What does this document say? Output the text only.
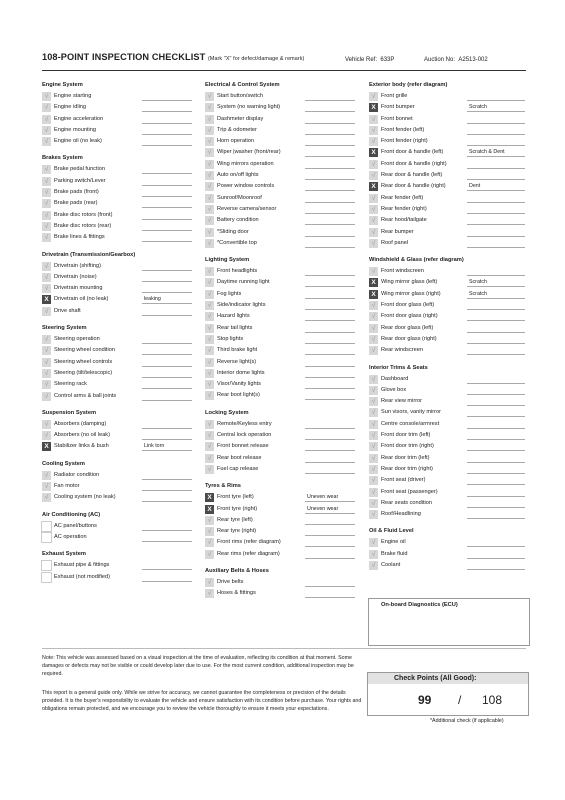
108-POINT INSPECTION CHECKLIST (Mark "X" for defect/damage & remark)	Vehicle Ref: 633P	Auction No: A2513-002
Engine System
√	Engine starting
√	Engine idling
√	Engine acceleration
√	Engine mounting
√	Engine oil (no leak)
Brakes System
√	Brake pedal function
√	Parking switch/Lever
√	Brake pads (front)
√	Brake pads (rear)
√	Brake disc rotors (front)
√	Brake disc rotors (rear)
√	Brake lines & fittings
Drivetrain (Transmission/Gearbox)
√	Drivetrain (shifting)
√	Drivetrain (noise)
√	Drivetrain mounting
X Drivetrain oil (no leak)	leaking
√	Drive shaft
Steering System
√	Steering operation
√	Steering wheel condition
√	Steering wheel controls
√	Steering (tilt/telescopic)
√	Steering rack
√	Control arms & ball joints
Suspension System
√	Absorbers (damping)
√	Absorbers (no oil leak)
X Stabilizer links & bush	Link torn
Cooling System
√	Radiator condition
√	Fan motor
√	Cooling system (no leak)
Air Conditioning (AC)
AC panel/buttons
AC operation
Exhaust System
Exhaust pipe & fittings
Exhaust (not modified)
Electrical & Control System
√	Start button/switch
√	System (no warning light)
√	Dashmeter display
√	Trip & odometer
√	Horn operation
√	Wiper |washer (front/rear)
√	Wing mirrors operation
√	Auto on/off lights
√	Power window controls
√	Sunroof/Moonroof
√	Reverse camera/sensor
√	Battery condition
√	*Sliding door
√	*Convertible top
Lighting System
√	Front headlights
√	Daytime running light
√	Fog lights
√	Side/indicator lights
√	Hazard lights
√	Rear tail lights
√	Stop lights
√	Third brake light
√	Reverse light(s)
√	Interior dome lights
√	Visor/Vanity lights
√	Rear boot light(s)
Locking System
√	Remote/Keyless entry
√	Central lock operation
√	Front bonnet release
√	Rear boot release
√	Fuel cap release
Tyres & Rims
X Front tyre (left)	Uneven wear
X Front tyre (right)	Uneven wear
√	Rear tyre (left)
√	Rear tyre (right)
√	Front rims (refer diagram)
√	Rear rims (refer diagram)
Auxiliary Belts & Hoses
√	Drive belts
√	Hoses & fittings
Exterior body (refer diagram)
√	Front grille
X Front bumper	Scratch
√	Front bonnet
√	Front fender (left)
√	Front fender (right)
X Front door & handle (left)	Scratch & Dent
√	Front door & handle (right)
√	Rear door & handle (left)
X Rear door & handle (right)	Dent
√	Rear fender (left)
√	Rear fender (right)
√	Rear hood/tailgate
√	Rear bumper
√	Roof panel
Windshield & Glass (refer diagram)
√	Front windscreen
X Wing mirror glass (left)	Scratch
X Wing mirror glass (right)	Scratch
√	Front door glass (left)
√	Front door glass (right)
√	Rear door glass (left)
√	Rear door glass (right)
√	Rear windscreen
Interior Trims & Seats
√	Dashboard
√	Glove box
√	Rear view mirror
√	Sun visors, vanity mirror
√	Centre console/armrest
√	Front door trim (left)
√	Front door trim (right)
√	Rear door trim (left)
√	Rear door trim (right)
√	Front seat (driver)
√	Front seat (passenger)
√	Rear seats condition
√	Roof/Headlining
Oil & Fluid Level
√	Engine oil
√	Brake fluid
√	Coolant
On-board Diagnostics (ECU)
Note: This vehicle was assessed based on a visual inspection at the time of evaluation, reflecting its condition at that moment. Some damages or defects may not be visible or could develop later due to use. For the most current condition, additional inspection may be required.
This report is a general guide only. While we strive for accuracy, we cannot guarantee the completeness or precision of the details provided. It is the buyer's responsibility to evaluate the vehicle and ensure satisfaction with its condition before purchase. Your rights and obligations remain protected, and we encourage you to review the vehicle thoroughly to ensure it meets your expectations.
Check Points (All Good):
99 / 108
*Additional check (if applicable)
